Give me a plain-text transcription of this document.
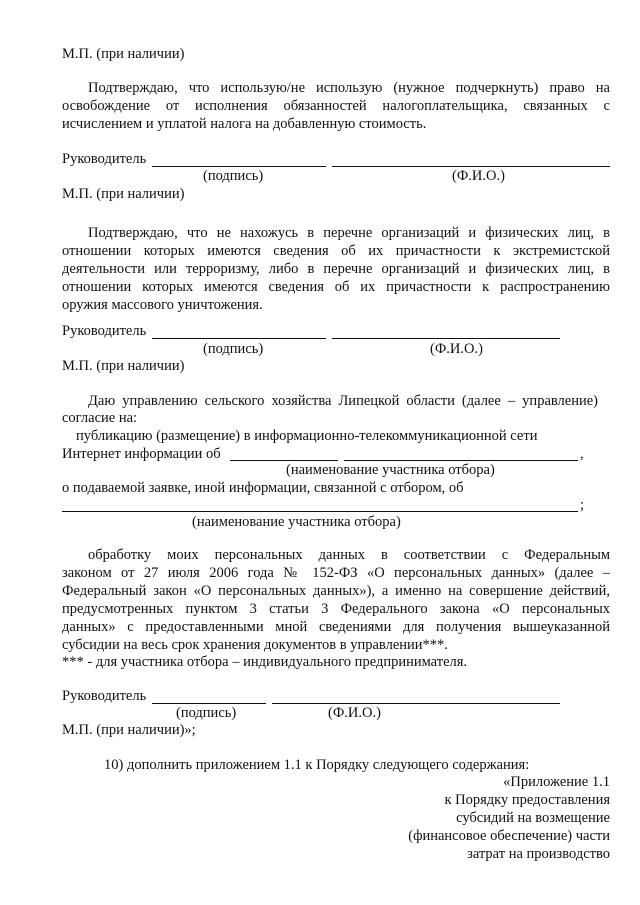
М.П. (при наличии)
Подтверждаю, что использую/не использую (нужное подчеркнуть) право на
освобождение от исполнения обязанностей налогоплательщика, связанных с
исчислением и уплатой налога на добавленную стоимость.
Руководитель
(подпись)	(Ф.И.О.)
М.П. (при наличии)
Подтверждаю, что не нахожусь в перечне организаций и физических лиц, в
отношении которых имеются сведения об их причастности к экстремистской
деятельности или терроризму, либо в перечне организаций и физических лиц, в
отношении которых имеются сведения об их причастности к распространению
оружия массового уничтожения.
Руководитель
(подпись)	(Ф.И.О.)
М.П. (при наличии)
Даю управлению сельского хозяйства Липецкой области (далее – управление)
согласие на:
публикацию (размещение) в информационно-телекоммуникационной сети
Интернет информации об	,
(наименование участника отбора)
о подаваемой заявке, иной информации, связанной с отбором, об
;
(наименование участника отбора)
обработку моих персональных данных в соответствии с Федеральным
законом от 27 июля 2006 года № 152-ФЗ «О персональных данных» (далее –
Федеральный закон «О персональных данных»), а именно на совершение действий,
предусмотренных пунктом 3 статьи 3 Федерального закона «О персональных
данных» с предоставленными мной сведениями для получения вышеуказанной
субсидии на весь срок хранения документов в управлении***.
*** - для участника отбора – индивидуального предпринимателя.
Руководитель
(подпись)	(Ф.И.О.)
М.П. (при наличии)»;
10) дополнить приложением 1.1 к Порядку следующего содержания:
«Приложение 1.1
к Порядку предоставления
субсидий на возмещение
(финансовое обеспечение) части
затрат на производство
